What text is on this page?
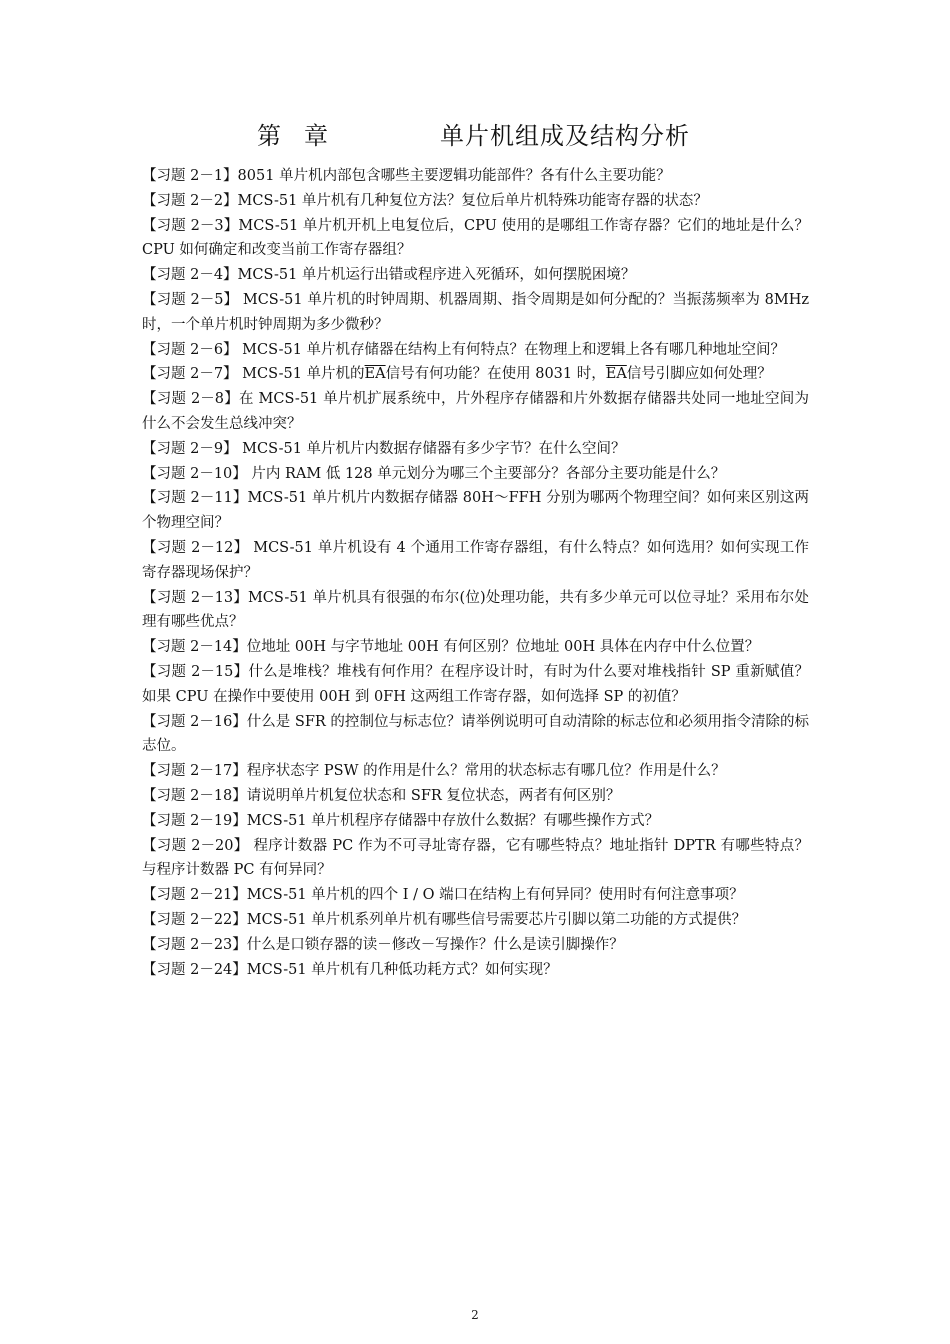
第 章	单片机组成及结构分析

【习题 2－1】8051 单片机内部包含哪些主要逻辑功能部件？各有什么主要功能？

【习题 2－2】MCS-51 单片机有几种复位方法？复位后单片机特殊功能寄存器的状态？

【习题 2－3】MCS-51 单片机开机上电复位后，CPU 使用的是哪组工作寄存器？它们的地址是什么？CPU 如何确定和改变当前工作寄存器组？

【习题 2－4】MCS-51 单片机运行出错或程序进入死循环，如何摆脱困境？

【习题 2－5】 MCS-51 单片机的时钟周期、机器周期、指令周期是如何分配的？当振荡频率为 8MHz 时，一个单片机时钟周期为多少微秒？

【习题 2－6】 MCS-51 单片机存储器在结构上有何特点？在物理上和逻辑上各有哪几种地址空间？

【习题 2－7】 MCS-51 单片机的$\overline{EA}$信号有何功能？在使用 8031 时，$\overline{EA}$信号引脚应如何处理？

【习题 2－8】在 MCS-51 单片机扩展系统中，片外程序存储器和片外数据存储器共处同一地址空间为什么不会发生总线冲突？

【习题 2－9】 MCS-51 单片机片内数据存储器有多少字节？在什么空间？

【习题 2－10】 片内 RAM 低 128 单元划分为哪三个主要部分？各部分主要功能是什么？

【习题 2－11】MCS-51 单片机片内数据存储器 80H～FFH 分别为哪两个物理空间？如何来区别这两个物理空间？

【习题 2－12】 MCS-51 单片机设有 4 个通用工作寄存器组，有什么特点？如何选用？如何实现工作寄存器现场保护？

【习题 2－13】MCS-51 单片机具有很强的布尔(位)处理功能，共有多少单元可以位寻址？采用布尔处理有哪些优点？

【习题 2－14】位地址 00H 与字节地址 00H 有何区别？位地址 00H 具体在内存中什么位置？

【习题 2－15】什么是堆栈？堆栈有何作用？在程序设计时，有时为什么要对堆栈指针 SP 重新赋值？如果 CPU 在操作中要使用 00H 到 0FH 这两组工作寄存器，如何选择 SP 的初值？

【习题 2－16】什么是 SFR 的控制位与标志位？请举例说明可自动清除的标志位和必须用指令清除的标志位。

【习题 2－17】程序状态字 PSW 的作用是什么？常用的状态标志有哪几位？作用是什么？

【习题 2－18】请说明单片机复位状态和 SFR 复位状态，两者有何区别？

【习题 2－19】MCS-51 单片机程序存储器中存放什么数据？有哪些操作方式？

【习题 2－20】 程序计数器 PC 作为不可寻址寄存器，它有哪些特点？地址指针 DPTR 有哪些特点？与程序计数器 PC 有何异同？

【习题 2－21】MCS-51 单片机的四个 I / O 端口在结构上有何异同？使用时有何注意事项？

【习题 2－22】MCS-51 单片机系列单片机有哪些信号需要芯片引脚以第二功能的方式提供？

【习题 2－23】什么是口锁存器的读－修改－写操作？什么是读引脚操作？

【习题 2－24】MCS-51 单片机有几种低功耗方式？如何实现？

2
